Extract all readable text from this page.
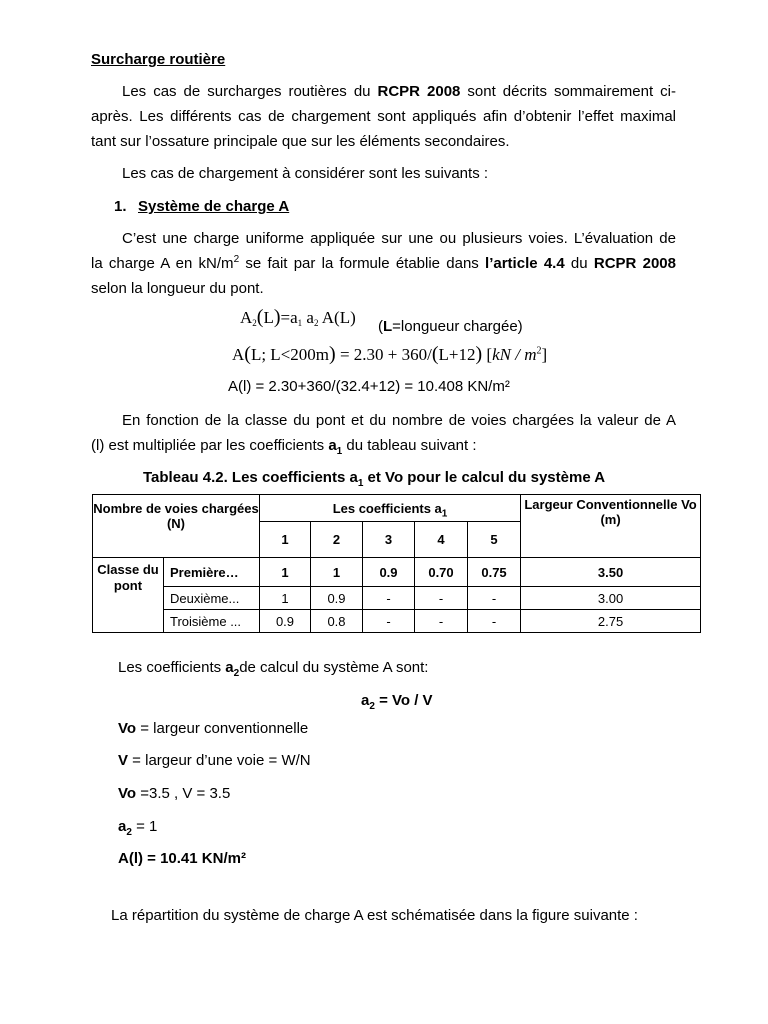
Surcharge routière
Les cas de surcharges routières du RCPR 2008 sont décrits sommairement ci-
après. Les différents cas de chargement sont appliqués afin d’obtenir l’effet maximal
tant sur l’ossature principale que sur les éléments secondaires.
Les cas de chargement à considérer sont les suivants :
1. Système de charge A
C’est une charge uniforme appliquée sur une ou plusieurs voies. L’évaluation de
la charge A en $kN/m^2$ se fait par la formule établie dans l’article 4.4 du RCPR 2008
selon la longueur du pont.
A2(L)=a1 a2 A(L) (L=longueur chargée)
A(L; L<200m) = 2.30 + 360/(L+12) $[kN / m^2]$
A(l) = 2.30+360/(32.4+12) = 10.408 KN/m²
En fonction de la classe du pont et du nombre de voies chargées la valeur de A
(l) est multipliée par les coefficients $a_1$ du tableau suivant :
Tableau 4.2. Les coefficients $a_1$ et Vo pour le calcul du système A
Nombre de voies chargées (N)		Les coefficients $a_1$					Largeur Conventionnelle Vo (m)
		1	2	3	4	5	
Classe du pont	Première…	1	1	0.9	0.70	0.75	3.50
	Deuxième...	1	0.9	-	-	-	3.00
	Troisième ...	0.9	0.8	-	-	-	2.75
Les coefficients $a_2de$ calcul du système A sont:
$a_2 = Vo / V$
Vo = largeur conventionnelle
V = largeur d’une voie = W/N
Vo =3.5 , V = 3.5
$a_2 = 1$
A(l) = 10.41 KN/m²
La répartition du système de charge A est schématisée dans la figure suivante :
